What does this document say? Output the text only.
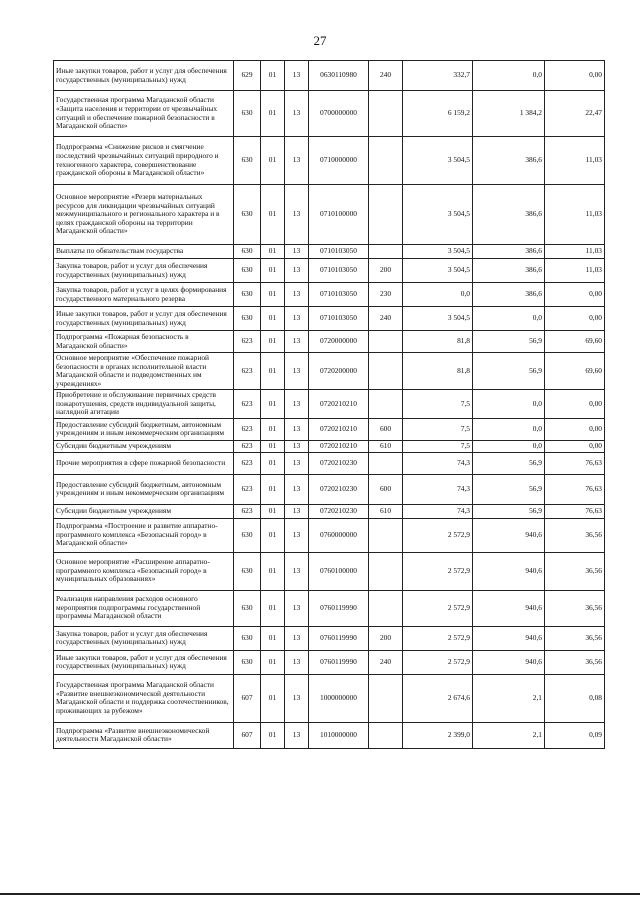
27
Иные закупки товаров, работ и услуг для обеспечения государственных (муниципальных) нужд	629	01	13	0630110980	240	332,7	0,0	0,00
Государственная программа Магаданской области «Защита населения и территории от чрезвычайных ситуаций и обеспечение пожарной безопасности в Магаданской области»	630	01	13	0700000000		6 159,2	1 384,2	22,47
Подпрограмма «Снижение рисков и смягчение последствий чрезвычайных ситуаций природного и техногенного характера, совершенствование гражданской обороны в Магаданской области»	630	01	13	0710000000		3 504,5	386,6	11,03
Основное мероприятие «Резерв материальных ресурсов для ликвидации чрезвычайных ситуаций межмуниципального и регионального характера и в целях гражданской обороны на территории Магаданской области»	630	01	13	0710100000		3 504,5	386,6	11,03
Выплаты по обязательствам государства	630	01	13	0710103050		3 504,5	386,6	11,03
Закупка товаров, работ и услуг для обеспечения государственных (муниципальных) нужд	630	01	13	0710103050	200	3 504,5	386,6	11,03
Закупка товаров, работ и услуг в целях формирования государственного материального резерва	630	01	13	0710103050	230	0,0	386,6	0,00
Иные закупки товаров, работ и услуг для обеспечения государственных (муниципальных) нужд	630	01	13	0710103050	240	3 504,5	0,0	0,00
Подпрограмма «Пожарная безопасность в Магаданской области»	623	01	13	0720000000		81,8	56,9	69,60
Основное мероприятие «Обеспечение пожарной безопасности в органах исполнительной власти Магаданской области и подведомственных им учреждениях»	623	01	13	0720200000		81,8	56,9	69,60
Приобретение и обслуживание первичных средств пожаротушения, средств индивидуальной защиты, наглядной агитации	623	01	13	0720210210		7,5	0,0	0,00
Предоставление субсидий бюджетным, автономным учреждениям и иным некоммерческим организациям	623	01	13	0720210210	600	7,5	0,0	0,00
Субсидии бюджетным учреждениям	623	01	13	0720210210	610	7,5	0,0	0,00
Прочие мероприятия в сфере пожарной безопасности	623	01	13	0720210230		74,3	56,9	76,63
Предоставление субсидий бюджетным, автономным учреждениям и иным некоммерческим организациям	623	01	13	0720210230	600	74,3	56,9	76,63
Субсидии бюджетным учреждениям	623	01	13	0720210230	610	74,3	56,9	76,63
Подпрограмма «Построение и развитие аппаратно-программного комплекса «Безопасный город» в Магаданской области»	630	01	13	0760000000		2 572,9	940,6	36,56
Основное мероприятие «Расширение аппаратно-программного комплекса «Безопасный город» в муниципальных образованиях»	630	01	13	0760100000		2 572,9	940,6	36,56
Реализация направления расходов основного мероприятия подпрограммы государственной программы Магаданской области	630	01	13	0760119990		2 572,9	940,6	36,56
Закупка товаров, работ и услуг для обеспечения государственных (муниципальных) нужд	630	01	13	0760119990	200	2 572,9	940,6	36,56
Иные закупки товаров, работ и услуг для обеспечения государственных (муниципальных) нужд	630	01	13	0760119990	240	2 572,9	940,6	36,56
Государственная программа Магаданской области «Развитие внешнеэкономической деятельности Магаданской области и поддержка соотечественников, проживающих за рубежом»	607	01	13	1000000000		2 674,6	2,1	0,08
Подпрограмма «Развитие внешнеэкономической деятельности Магаданской области»	607	01	13	1010000000		2 399,0	2,1	0,09
